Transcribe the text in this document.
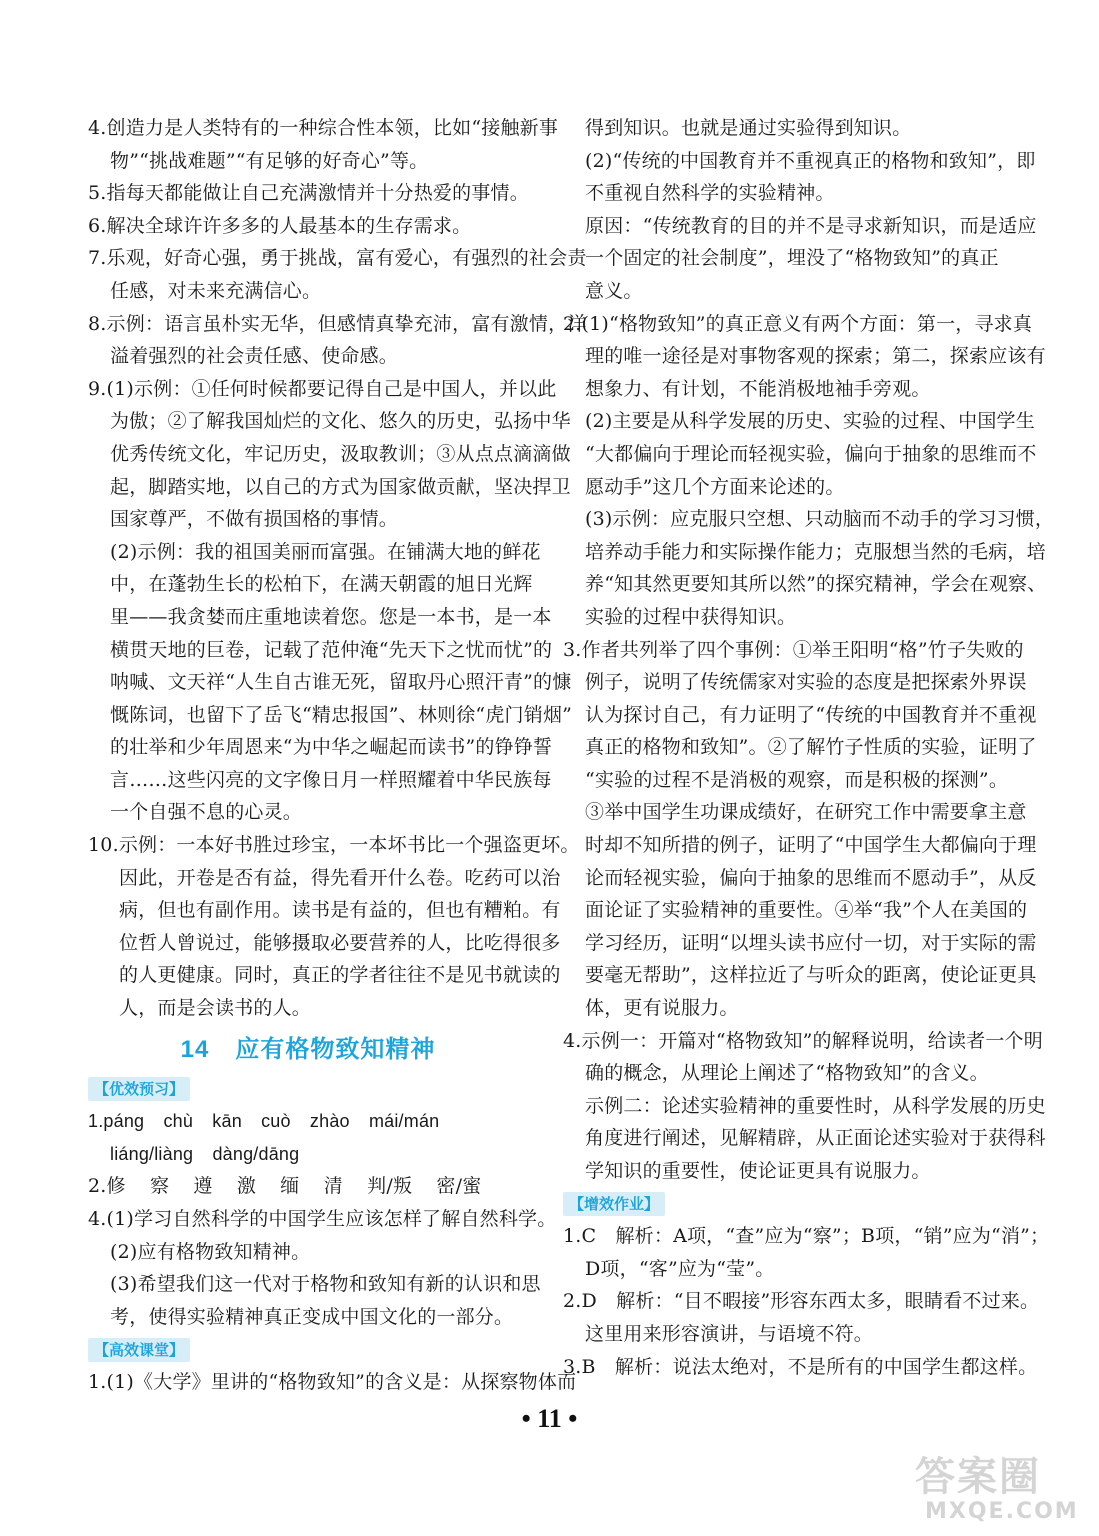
4.创造力是人类特有的一种综合性本领，比如“接触新事
物”“挑战难题”“有足够的好奇心”等。
5.指每天都能做让自己充满激情并十分热爱的事情。
6.解决全球许许多多的人最基本的生存需求。
7.乐观，好奇心强，勇于挑战，富有爱心，有强烈的社会责
任感，对未来充满信心。
8.示例：语言虽朴实无华，但感情真挚充沛，富有激情，洋
溢着强烈的社会责任感、使命感。
9.(1)示例：①任何时候都要记得自己是中国人，并以此
为傲；②了解我国灿烂的文化、悠久的历史，弘扬中华
优秀传统文化，牢记历史，汲取教训；③从点点滴滴做
起，脚踏实地，以自己的方式为国家做贡献，坚决捍卫
国家尊严，不做有损国格的事情。
(2)示例：我的祖国美丽而富强。在铺满大地的鲜花
中，在蓬勃生长的松柏下，在满天朝霞的旭日光辉
里——我贪婪而庄重地读着您。您是一本书，是一本
横贯天地的巨卷，记载了范仲淹“先天下之忧而忧”的
呐喊、文天祥“人生自古谁无死，留取丹心照汗青”的慷
慨陈词，也留下了岳飞“精忠报国”、林则徐“虎门销烟”
的壮举和少年周恩来“为中华之崛起而读书”的铮铮誓
言……这些闪亮的文字像日月一样照耀着中华民族每
一个自强不息的心灵。
10.示例：一本好书胜过珍宝，一本坏书比一个强盗更坏。
因此，开卷是否有益，得先看开什么卷。吃药可以治
病，但也有副作用。读书是有益的，但也有糟粕。有
位哲人曾说过，能够摄取必要营养的人，比吃得很多
的人更健康。同时，真正的学者往往不是见书就读的
人，而是会读书的人。
14 应有格物致知精神
【优效预习】
1.páng chù kān cuò zhào mái/mán
liáng/liàng dàng/dāng
2.修 察 遵 激 缅 清 判/叛 密/蜜
4.(1)学习自然科学的中国学生应该怎样了解自然科学。
(2)应有格物致知精神。
(3)希望我们这一代对于格物和致知有新的认识和思
考，使得实验精神真正变成中国文化的一部分。
【高效课堂】
1.(1)《大学》里讲的“格物致知”的含义是：从探察物体而
得到知识。也就是通过实验得到知识。
(2)“传统的中国教育并不重视真正的格物和致知”，即
不重视自然科学的实验精神。
原因：“传统教育的目的并不是寻求新知识，而是适应
一个固定的社会制度”，埋没了“格物致知”的真正
意义。
2.(1)“格物致知”的真正意义有两个方面：第一，寻求真
理的唯一途径是对事物客观的探索；第二，探索应该有
想象力、有计划，不能消极地袖手旁观。
(2)主要是从科学发展的历史、实验的过程、中国学生
“大都偏向于理论而轻视实验，偏向于抽象的思维而不
愿动手”这几个方面来论述的。
(3)示例：应克服只空想、只动脑而不动手的学习习惯，
培养动手能力和实际操作能力；克服想当然的毛病，培
养“知其然更要知其所以然”的探究精神，学会在观察、
实验的过程中获得知识。
3.作者共列举了四个事例：①举王阳明“格”竹子失败的
例子，说明了传统儒家对实验的态度是把探索外界误
认为探讨自己，有力证明了“传统的中国教育并不重视
真正的格物和致知”。②了解竹子性质的实验，证明了
“实验的过程不是消极的观察，而是积极的探测”。
③举中国学生功课成绩好，在研究工作中需要拿主意
时却不知所措的例子，证明了“中国学生大都偏向于理
论而轻视实验，偏向于抽象的思维而不愿动手”，从反
面论证了实验精神的重要性。④举“我”个人在美国的
学习经历，证明“以埋头读书应付一切，对于实际的需
要毫无帮助”，这样拉近了与听众的距离，使论证更具
体，更有说服力。
4.示例一：开篇对“格物致知”的解释说明，给读者一个明
确的概念，从理论上阐述了“格物致知”的含义。
示例二：论述实验精神的重要性时，从科学发展的历史
角度进行阐述，见解精辟，从正面论述实验对于获得科
学知识的重要性，使论证更具有说服力。
【增效作业】
1.C　解析：A项，“查”应为“察”；B项，“销”应为“消”；
D项，“客”应为“莹”。
2.D　解析：“目不暇接”形容东西太多，眼睛看不过来。
这里用来形容演讲，与语境不符。
3.B　解析：说法太绝对，不是所有的中国学生都这样。
• 11 •
答案圈
MXQE.COM
